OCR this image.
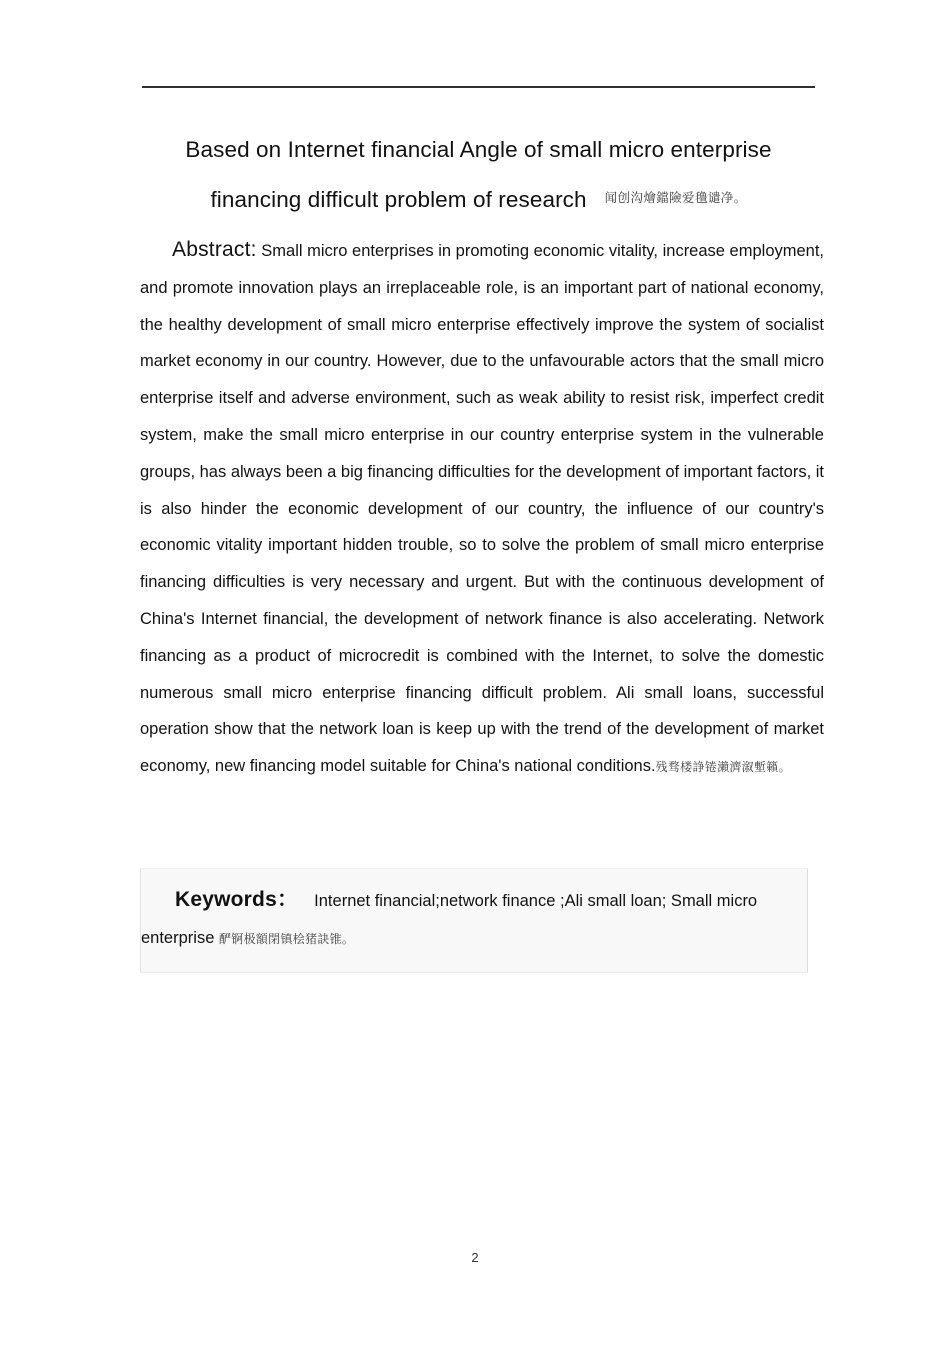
Based on Internet financial Angle of small micro enterprise
financing difficult problem of research $^{闻创沟燴鐺險爱氇谴净。}$

Abstract: Small micro enterprises in promoting economic vitality, increase employment, and promote innovation plays an irreplaceable role, is an important part of national economy, the healthy development of small micro enterprise effectively improve the system of socialist market economy in our country. However, due to the unfavourable actors that the small micro enterprise itself and adverse environment, such as weak ability to resist risk, imperfect credit system, make the small micro enterprise in our country enterprise system in the vulnerable groups, has always been a big financing difficulties for the development of important factors, it is also hinder the economic development of our country, the influence of our country's economic vitality important hidden trouble, so to solve the problem of small micro enterprise financing difficulties is very necessary and urgent. But with the continuous development of China's Internet financial, the development of network finance is also accelerating. Network financing as a product of microcredit is combined with the Internet, to solve the domestic numerous small micro enterprise financing difficult problem. Ali small loans, successful operation show that the network loan is keep up with the trend of the development of market economy, new financing model suitable for China's national conditions.残骛楼諍锩瀨濟溆塹籟。

Keywords： Internet financial;network finance ;Ali small loan; Small micro enterprise 酽锕极額閉镇桧猪訣锥。

2
